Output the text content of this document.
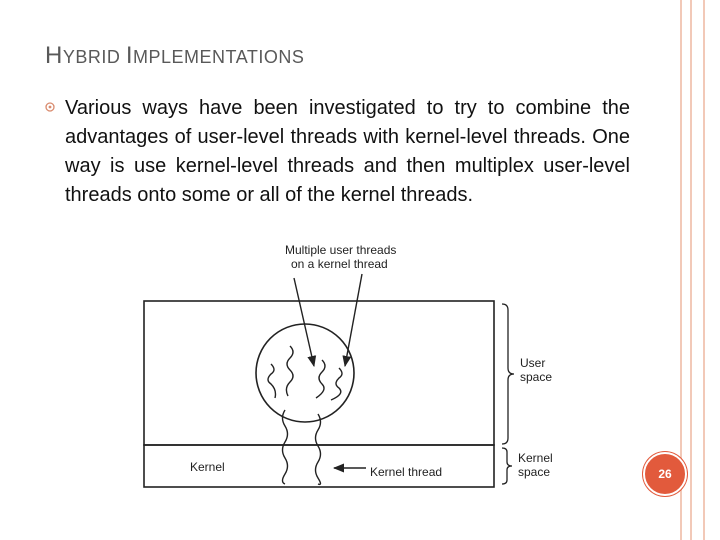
HYBRID IMPLEMENTATIONS
Various ways have been investigated to try to combine the advantages of user-level threads with kernel-level threads. One way is use kernel-level threads and then multiplex user-level threads onto some or all of the kernel threads.
Multiple user threads
on a kernel thread
User
space
Kernel
space
Kernel	Kernel thread	26
